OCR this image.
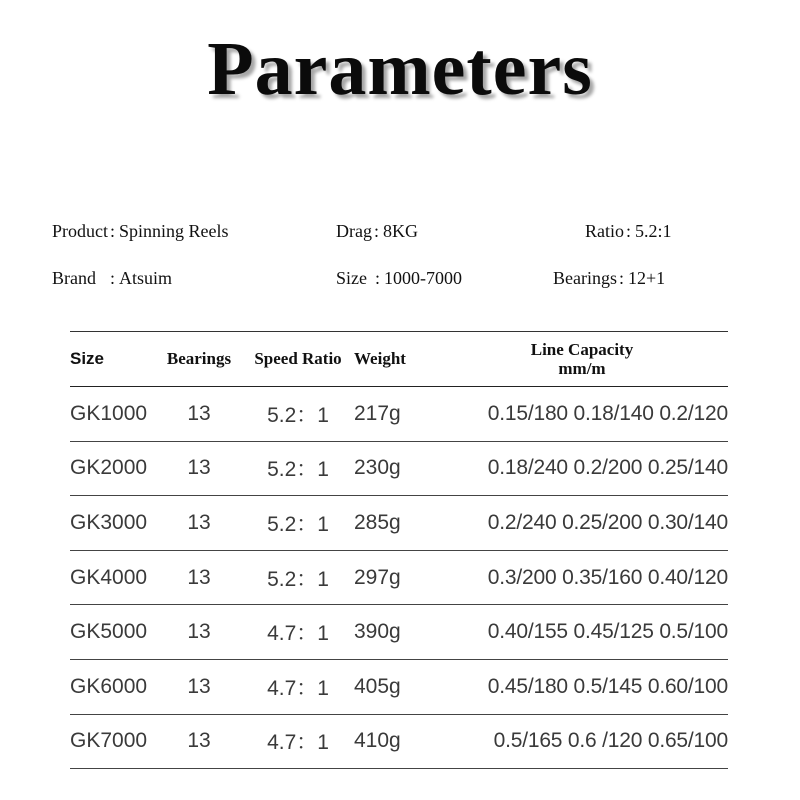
Parameters
Product : Spinning Reels	Drag : 8KG	Ratio : 5.2:1
Brand : Atsuim	Size : 1000-7000	Bearings : 12+1
Size	Bearings	Speed Ratio	Weight	Line Capacity
mm/m

GK1000	13	5.2：1	217g	0.15/180 0.18/140 0.2/120
GK2000	13	5.2：1	230g	0.18/240 0.2/200 0.25/140
GK3000	13	5.2：1	285g	0.2/240 0.25/200 0.30/140
GK4000	13	5.2：1	297g	0.3/200 0.35/160 0.40/120
GK5000	13	4.7：1	390g	0.40/155 0.45/125 0.5/100
GK6000	13	4.7：1	405g	0.45/180 0.5/145 0.60/100
GK7000	13	4.7：1	410g	0.5/165 0.6 /120 0.65/100
